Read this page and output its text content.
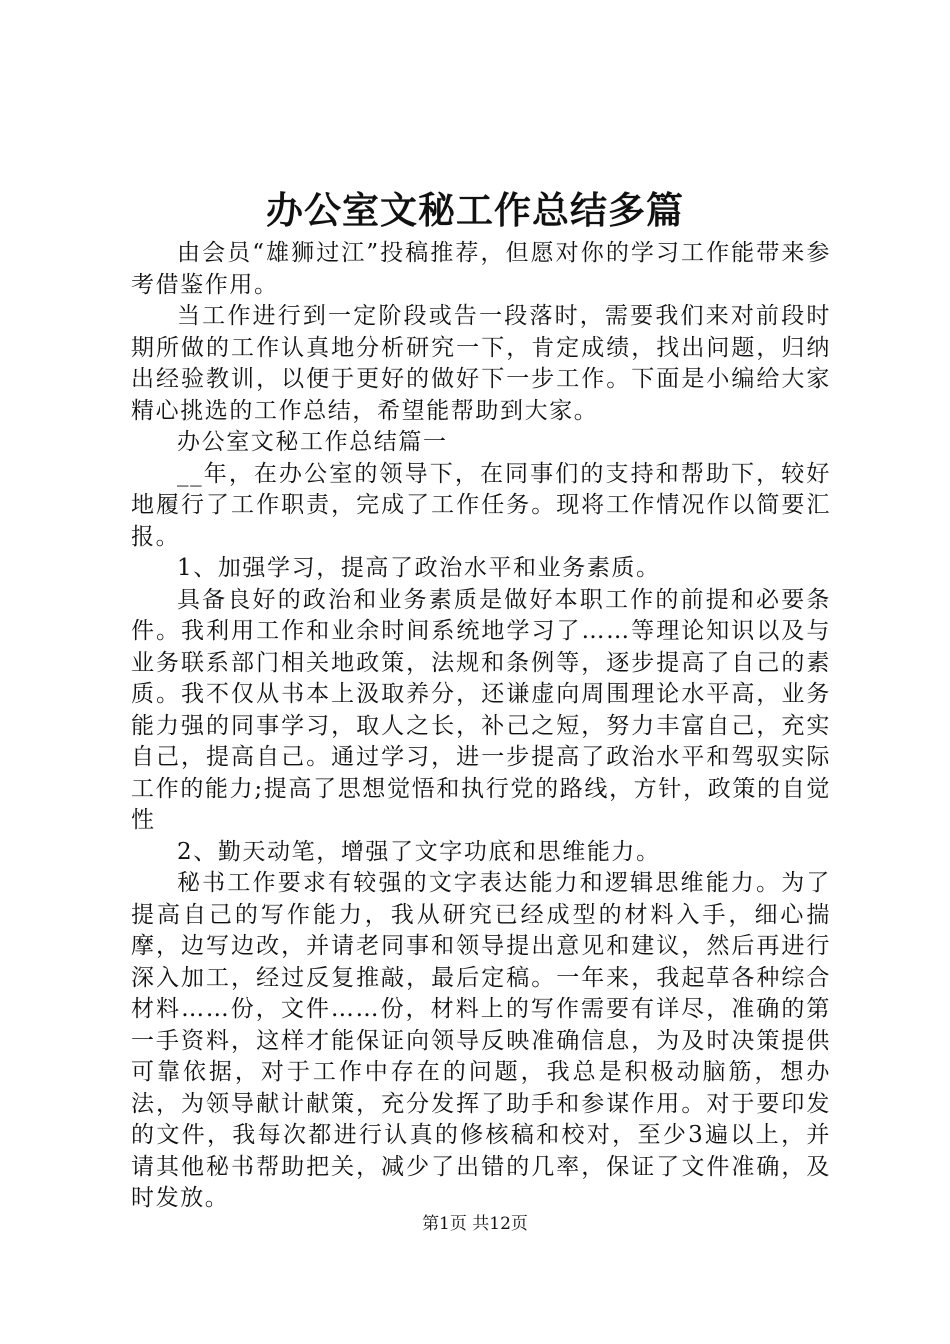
办公室文秘工作总结多篇

由会员“雄狮过江”投稿推荐，但愿对你的学习工作能带来参考借鉴作用。

当工作进行到一定阶段或告一段落时，需要我们来对前段时期所做的工作认真地分析研究一下，肯定成绩，找出问题，归纳出经验教训，以便于更好的做好下一步工作。下面是小编给大家精心挑选的工作总结，希望能帮助到大家。

办公室文秘工作总结篇一

__年，在办公室的领导下，在同事们的支持和帮助下，较好地履行了工作职责，完成了工作任务。现将工作情况作以简要汇报。

1、加强学习，提高了政治水平和业务素质。

具备良好的政治和业务素质是做好本职工作的前提和必要条件。我利用工作和业余时间系统地学习了……等理论知识以及与业务联系部门相关地政策，法规和条例等，逐步提高了自己的素质。我不仅从书本上汲取养分，还谦虚向周围理论水平高，业务能力强的同事学习，取人之长，补己之短，努力丰富自己，充实自己，提高自己。通过学习，进一步提高了政治水平和驾驭实际工作的能力;提高了思想觉悟和执行党的路线，方针，政策的自觉性

2、勤天动笔，增强了文字功底和思维能力。

秘书工作要求有较强的文字表达能力和逻辑思维能力。为了提高自己的写作能力，我从研究已经成型的材料入手，细心揣摩，边写边改，并请老同事和领导提出意见和建议，然后再进行深入加工，经过反复推敲，最后定稿。一年来，我起草各种综合材料……份，文件……份，材料上的写作需要有详尽，准确的第一手资料，这样才能保证向领导反映准确信息，为及时决策提供可靠依据，对于工作中存在的问题，我总是积极动脑筋，想办法，为领导献计献策，充分发挥了助手和参谋作用。对于要印发的文件，我每次都进行认真的修核稿和校对，至少3遍以上，并请其他秘书帮助把关，减少了出错的几率，保证了文件准确，及时发放。

第1页 共12页
